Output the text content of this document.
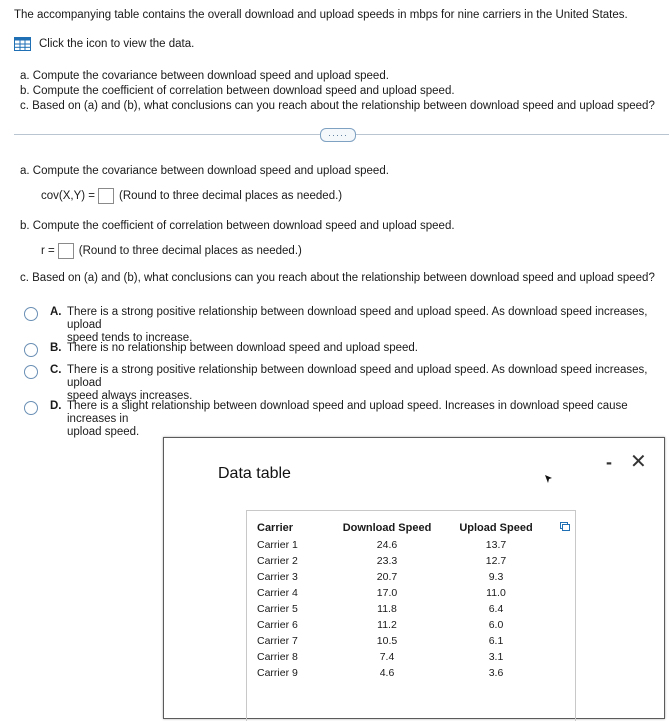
The accompanying table contains the overall download and upload speeds in mbps for nine carriers in the United States.
Click the icon to view the data.
a. Compute the covariance between download speed and upload speed.
b. Compute the coefficient of correlation between download speed and upload speed.
c. Based on (a) and (b), what conclusions can you reach about the relationship between download speed and upload speed?
·····
a. Compute the covariance between download speed and upload speed.
cov(X,Y) = (Round to three decimal places as needed.)
b. Compute the coefficient of correlation between download speed and upload speed.
r = (Round to three decimal places as needed.)
c. Based on (a) and (b), what conclusions can you reach about the relationship between download speed and upload speed?
A. There is a strong positive relationship between download speed and upload speed. As download speed increases, upload
speed tends to increase.
B. There is no relationship between download speed and upload speed.
C. There is a strong positive relationship between download speed and upload speed. As download speed increases, upload
speed always increases.
D. There is a slight relationship between download speed and upload speed. Increases in download speed cause increases in
upload speed.
Data table
- ✕
Carrier	Download Speed	Upload Speed
Carrier 1	24.6	13.7
Carrier 2	23.3	12.7
Carrier 3	20.7	9.3
Carrier 4	17.0	11.0
Carrier 5	11.8	6.4
Carrier 6	11.2	6.0
Carrier 7	10.5	6.1
Carrier 8	7.4	3.1
Carrier 9	4.6	3.6
